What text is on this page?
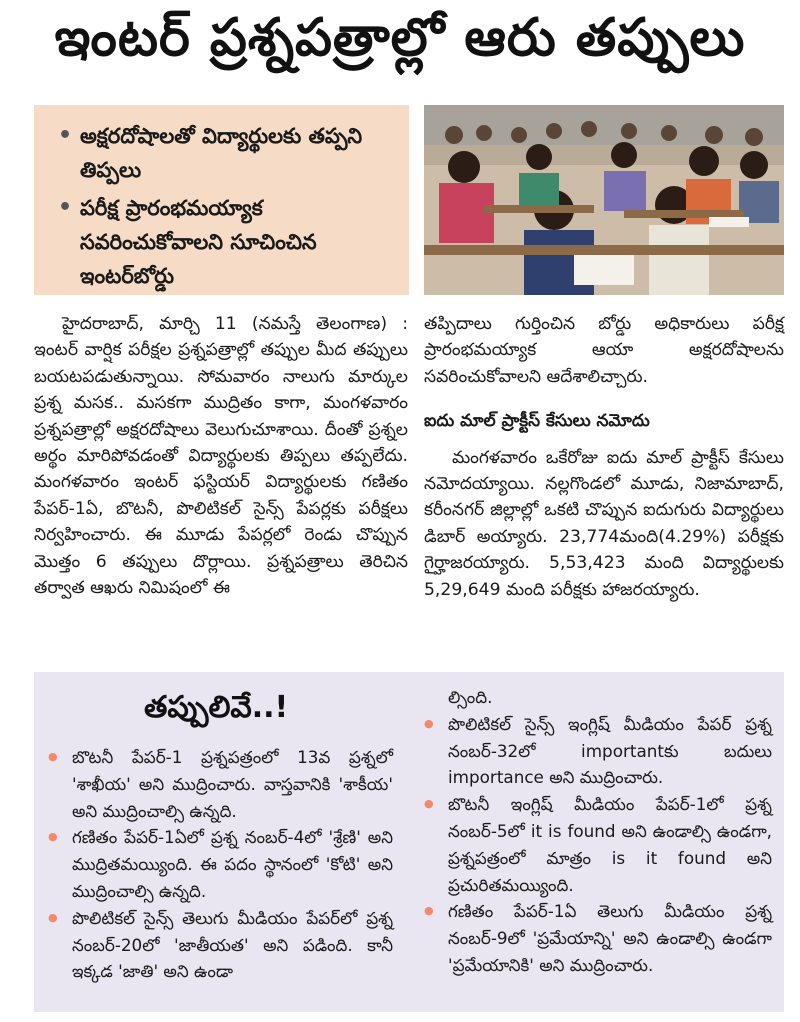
ఇంటర్ ప్రశ్నపత్రాల్లో ఆరు తప్పులు
• అక్షరదోషాలతో విద్యార్థులకు తప్పని తిప్పలు
• పరీక్ష ప్రారంభమయ్యాక సవరించుకోవాలని సూచించిన ఇంటర్‌బోర్డు

హైదరాబాద్, మార్చి 11 (నమస్తే తెలంగాణ) : ఇంటర్ వార్షిక పరీక్షల ప్రశ్నపత్రాల్లో తప్పుల మీద తప్పులు బయటపడుతున్నాయి. సోమవారం నాలుగు మార్కుల ప్రశ్న మసక.. మసకగా ముద్రితం కాగా, మంగళవారం ప్రశ్నపత్రాల్లో అక్షరదోషాలు వెలుగుచూశాయి. దీంతో ప్రశ్నల అర్థం మారిపోవడంతో విద్యార్థులకు తిప్పలు తప్పలేదు. మంగళవారం ఇంటర్ ఫస్టియర్ విద్యార్థులకు గణితం పేపర్-1ఏ, బొటనీ, పొలిటికల్ సైన్స్ పేపర్లకు పరీక్షలు నిర్వహించారు. ఈ మూడు పేపర్లలో రెండు చొప్పున మొత్తం 6 తప్పులు దొర్లాయి. ప్రశ్నపత్రాలు తెరిచిన తర్వాత ఆఖరు నిమిషంలో ఈ

తప్పిదాలు గుర్తించిన బోర్డు అధికారులు పరీక్ష ప్రారంభమయ్యాక ఆయా అక్షరదోషాలను సవరించుకోవాలని ఆదేశాలిచ్చారు.

ఐదు మాల్ ప్రాక్టీస్ కేసులు నమోదు

మంగళవారం ఒకేరోజు ఐదు మాల్ ప్రాక్టీస్ కేసులు నమోదయ్యాయి. నల్లగొండలో మూడు, నిజామాబాద్, కరీంనగర్ జిల్లాల్లో ఒకటి చొప్పున ఐదుగురు విద్యార్థులు డిబార్ అయ్యారు. 23,774మంది(4.29%) పరీక్షకు గైర్హాజరయ్యారు. 5,53,423 మంది విద్యార్థులకు 5,29,649 మంది పరీక్షకు హాజరయ్యారు.

తప్పులివే..!
● బొటనీ పేపర్-1 ప్రశ్నపత్రంలో 13వ ప్రశ్నలో 'శాఖీయ' అని ముద్రించారు. వాస్తవానికి 'శాకీయ' అని ముద్రించాల్సి ఉన్నది.
● గణితం పేపర్-1ఏలో ప్రశ్న నంబర్-4లో 'శ్రేణి' అని ముద్రితమయ్యింది. ఈ పదం స్థానంలో 'కోటి' అని ముద్రించాల్సి ఉన్నది.
● పొలిటికల్ సైన్స్ తెలుగు మీడియం పేపర్‌లో ప్రశ్న నంబర్-20లో 'జాతీయత' అని పడింది. కానీ ఇక్కడ 'జాతి' అని ఉండా
ల్సింది.
● పొలిటికల్ సైన్స్ ఇంగ్లిష్ మీడియం పేపర్ ప్రశ్న నంబర్-32లో importantకు బదులు importance అని ముద్రించారు.
● బొటనీ ఇంగ్లిష్ మీడియం పేపర్-1లో ప్రశ్న నంబర్-5లో it is found అని ఉండాల్సి ఉండగా, ప్రశ్నపత్రంలో మాత్రం is it found అని ప్రచురితమయ్యింది.
● గణితం పేపర్-1ఏ తెలుగు మీడియం ప్రశ్న నంబర్-9లో 'ప్రమేయాన్ని' అని ఉండాల్సి ఉండగా 'ప్రమేయానికి' అని ముద్రించారు.
